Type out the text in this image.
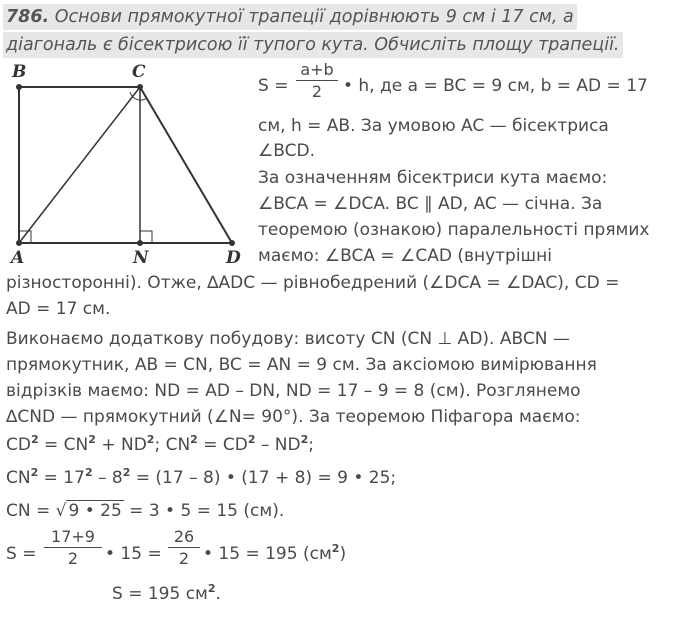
786. Основи прямокутної трапеції дорівнюють 9 см і 17 см, а
діагональ є бісектрисою її тупого кута. Обчисліть площу трапеції.
B	C
A	N	D
S =
a+b
2	• h, де a = BC = 9 см, b = AD = 17
см, h = AB. За умовою AC — бісектриса
∠BCD.
За означенням бісектриси кута маємо:
∠BCA = ∠DCA. BC ∥ AD, AC — січна. За
теоремою (ознакою) паралельності прямих
маємо: ∠BCA = ∠CAD (внутрішні
різносторонні). Отже, ∆ADC — рівнобедрений (∠DCA = ∠DAC), CD =
AD = 17 см.
Виконаємо додаткову побудову: висоту CN (CN ⊥ AD). ABCN —
прямокутник, AB = CN, BC = AN = 9 см. За аксіомою вимірювання
відрізків маємо: ND = AD – DN, ND = 17 – 9 = 8 (см). Розглянемо
∆CND — прямокутний (∠N= 90°). За теоремою Піфагора маємо:
$CD^2 = CN^2 + ND^2$; $CN^2 = CD^2 - ND^2$;
$CN^2 = 17^2 - 8^2 = (17 - 8)$ • (17 + 8) = 9 • 25;
CN = √ 9 • 25 = 3 • 5 = 15 (см).
S =
17+9
2	• 15 =
26
2 • 15 = 195 $(см^2)$
S = 195 $см^2$.
